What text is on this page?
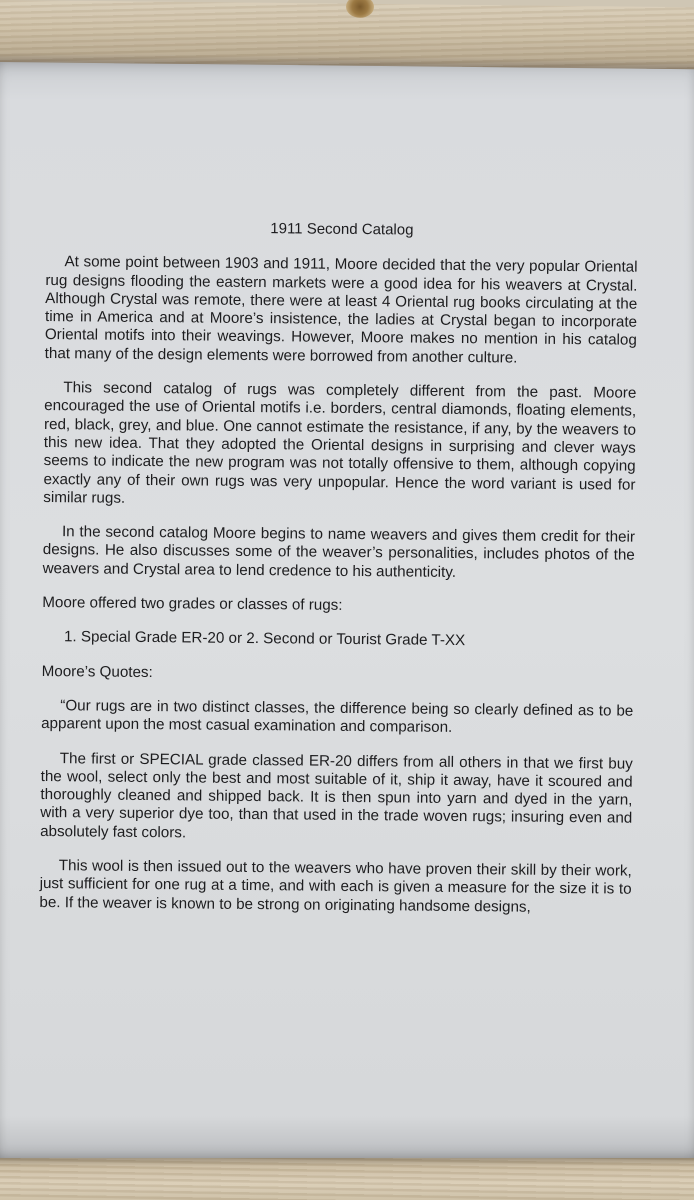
1911 Second Catalog
At some point between 1903 and 1911, Moore decided that the very popular Oriental rug designs flooding the eastern markets were a good idea for his weavers at Crystal. Although Crystal was remote, there were at least 4 Oriental rug books circulating at the time in America and at Moore’s insistence, the ladies at Crystal began to incorporate Oriental motifs into their weavings. However, Moore makes no mention in his catalog that many of the design elements were borrowed from another culture.
This second catalog of rugs was completely different from the past. Moore encouraged the use of Oriental motifs i.e. borders, central diamonds, floating elements, red, black, grey, and blue. One cannot estimate the resistance, if any, by the weavers to this new idea. That they adopted the Oriental designs in surprising and clever ways seems to indicate the new program was not totally offensive to them, although copying exactly any of their own rugs was very unpopular. Hence the word variant is used for similar rugs.
In the second catalog Moore begins to name weavers and gives them credit for their designs. He also discusses some of the weaver’s personalities, includes photos of the weavers and Crystal area to lend credence to his authenticity.
Moore offered two grades or classes of rugs:
1. Special Grade ER-20 or 2. Second or Tourist Grade T-XX
Moore’s Quotes:
“Our rugs are in two distinct classes, the difference being so clearly defined as to be apparent upon the most casual examination and comparison.
The first or SPECIAL grade classed ER-20 differs from all others in that we first buy the wool, select only the best and most suitable of it, ship it away, have it scoured and thoroughly cleaned and shipped back. It is then spun into yarn and dyed in the yarn, with a very superior dye too, than that used in the trade woven rugs; insuring even and absolutely fast colors.
This wool is then issued out to the weavers who have proven their skill by their work, just sufficient for one rug at a time, and with each is given a measure for the size it is to be. If the weaver is known to be strong on originating handsome designs,
